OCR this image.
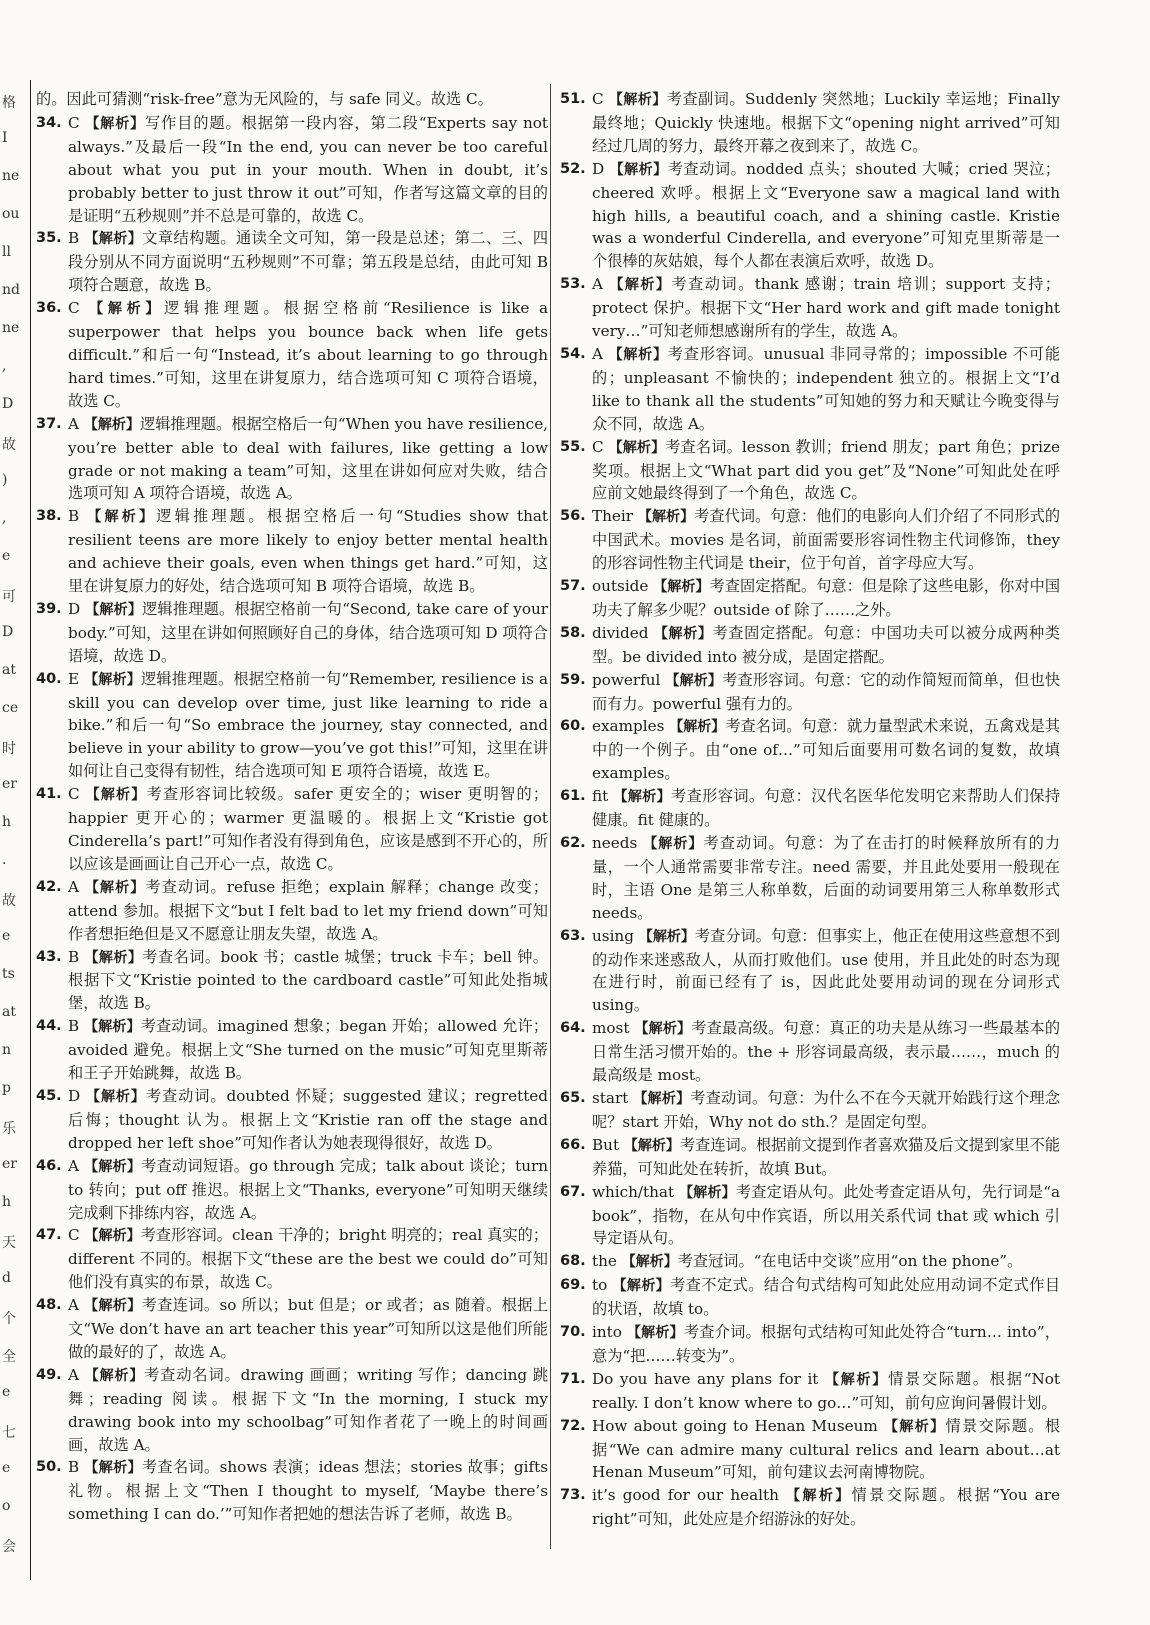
格
I
ne
ou
ll
nd
ne
,
D
故
)
,
e
可
D
at
ce
时
er
h
.
故
e
ts
at
n
p
乐
er
h
天
d
个
全
e
七
e
o
会
的。因此可猜测“risk-free”意为无风险的，与 safe 同义。故选 C。
34. C 【解析】写作目的题。根据第一段内容，第二段“Experts say not always.”及最后一段“In the end, you can never be too careful about what you put in your mouth. When in doubt, it’s probably better to just throw it out”可知，作者写这篇文章的目的是证明“五秒规则”并不总是可靠的，故选 C。
35. B 【解析】文章结构题。通读全文可知，第一段是总述；第二、三、四段分别从不同方面说明“五秒规则”不可靠；第五段是总结，由此可知 B 项符合题意，故选 B。
36. C 【解析】逻辑推理题。根据空格前“Resilience is like a superpower that helps you bounce back when life gets difficult.”和后一句“Instead, it’s about learning to go through hard times.”可知，这里在讲复原力，结合选项可知 C 项符合语境，故选 C。
37. A 【解析】逻辑推理题。根据空格后一句“When you have resilience, you’re better able to deal with failures, like getting a low grade or not making a team”可知，这里在讲如何应对失败，结合选项可知 A 项符合语境，故选 A。
38. B 【解析】逻辑推理题。根据空格后一句“Studies show that resilient teens are more likely to enjoy better mental health and achieve their goals, even when things get hard.”可知，这里在讲复原力的好处，结合选项可知 B 项符合语境，故选 B。
39. D 【解析】逻辑推理题。根据空格前一句“Second, take care of your body.”可知，这里在讲如何照顾好自己的身体，结合选项可知 D 项符合语境，故选 D。
40. E 【解析】逻辑推理题。根据空格前一句“Remember, resilience is a skill you can develop over time, just like learning to ride a bike.”和后一句“So embrace the journey, stay connected, and believe in your ability to grow—you’ve got this!”可知，这里在讲如何让自己变得有韧性，结合选项可知 E 项符合语境，故选 E。
41. C 【解析】考查形容词比较级。safer 更安全的；wiser 更明智的；happier 更开心的；warmer 更温暖的。根据上文“Kristie got Cinderella’s part!”可知作者没有得到角色，应该是感到不开心的，所以应该是画画让自己开心一点，故选 C。
42. A 【解析】考查动词。refuse 拒绝；explain 解释；change 改变；attend 参加。根据下文“but I felt bad to let my friend down”可知作者想拒绝但是又不愿意让朋友失望，故选 A。
43. B 【解析】考查名词。book 书；castle 城堡；truck 卡车；bell 钟。根据下文“Kristie pointed to the cardboard castle”可知此处指城堡，故选 B。
44. B 【解析】考查动词。imagined 想象；began 开始；allowed 允许；avoided 避免。根据上文“She turned on the music”可知克里斯蒂和王子开始跳舞，故选 B。
45. D 【解析】考查动词。doubted 怀疑；suggested 建议；regretted 后悔；thought 认为。根据上文“Kristie ran off the stage and dropped her left shoe”可知作者认为她表现得很好，故选 D。
46. A 【解析】考查动词短语。go through 完成；talk about 谈论；turn to 转向；put off 推迟。根据上文“Thanks, everyone”可知明天继续完成剩下排练内容，故选 A。
47. C 【解析】考查形容词。clean 干净的；bright 明亮的；real 真实的；different 不同的。根据下文“these are the best we could do”可知他们没有真实的布景，故选 C。
48. A 【解析】考查连词。so 所以；but 但是；or 或者；as 随着。根据上文“We don’t have an art teacher this year”可知所以这是他们所能做的最好的了，故选 A。
49. A 【解析】考查动名词。drawing 画画；writing 写作；dancing 跳舞；reading 阅读。根据下文“In the morning, I stuck my drawing book into my schoolbag”可知作者花了一晚上的时间画画，故选 A。
50. B 【解析】考查名词。shows 表演；ideas 想法；stories 故事；gifts 礼物。根据上文“Then I thought to myself, ‘Maybe there’s something I can do.’”可知作者把她的想法告诉了老师，故选 B。
51. C 【解析】考查副词。Suddenly 突然地；Luckily 幸运地；Finally 最终地；Quickly 快速地。根据下文“opening night arrived”可知经过几周的努力，最终开幕之夜到来了，故选 C。
52. D 【解析】考查动词。nodded 点头；shouted 大喊；cried 哭泣；cheered 欢呼。根据上文“Everyone saw a magical land with high hills, a beautiful coach, and a shining castle. Kristie was a wonderful Cinderella, and everyone”可知克里斯蒂是一个很棒的灰姑娘，每个人都在表演后欢呼，故选 D。
53. A 【解析】考查动词。thank 感谢；train 培训；support 支持；protect 保护。根据下文“Her hard work and gift made tonight very…”可知老师想感谢所有的学生，故选 A。
54. A 【解析】考查形容词。unusual 非同寻常的；impossible 不可能的；unpleasant 不愉快的；independent 独立的。根据上文“I’d like to thank all the students”可知她的努力和天赋让今晚变得与众不同，故选 A。
55. C 【解析】考查名词。lesson 教训；friend 朋友；part 角色；prize 奖项。根据上文“What part did you get”及“None”可知此处在呼应前文她最终得到了一个角色，故选 C。
56. Their 【解析】考查代词。句意：他们的电影向人们介绍了不同形式的中国武术。movies 是名词，前面需要形容词性物主代词修饰，they 的形容词性物主代词是 their，位于句首，首字母应大写。
57. outside 【解析】考查固定搭配。句意：但是除了这些电影，你对中国功夫了解多少呢？outside of 除了……之外。
58. divided 【解析】考查固定搭配。句意：中国功夫可以被分成两种类型。be divided into 被分成，是固定搭配。
59. powerful 【解析】考查形容词。句意：它的动作简短而简单，但也快而有力。powerful 强有力的。
60. examples 【解析】考查名词。句意：就力量型武术来说，五禽戏是其中的一个例子。由“one of…”可知后面要用可数名词的复数，故填 examples。
61. fit 【解析】考查形容词。句意：汉代名医华佗发明它来帮助人们保持健康。fit 健康的。
62. needs 【解析】考查动词。句意：为了在击打的时候释放所有的力量，一个人通常需要非常专注。need 需要，并且此处要用一般现在时，主语 One 是第三人称单数，后面的动词要用第三人称单数形式 needs。
63. using 【解析】考查分词。句意：但事实上，他正在使用这些意想不到的动作来迷惑敌人，从而打败他们。use 使用，并且此处的时态为现在进行时，前面已经有了 is，因此此处要用动词的现在分词形式 using。
64. most 【解析】考查最高级。句意：真正的功夫是从练习一些最基本的日常生活习惯开始的。the + 形容词最高级，表示最……，much 的最高级是 most。
65. start 【解析】考查动词。句意：为什么不在今天就开始践行这个理念呢？start 开始，Why not do sth.？是固定句型。
66. But 【解析】考查连词。根据前文提到作者喜欢猫及后文提到家里不能养猫，可知此处在转折，故填 But。
67. which/that 【解析】考查定语从句。此处考查定语从句，先行词是“a book”，指物，在从句中作宾语，所以用关系代词 that 或 which 引导定语从句。
68. the 【解析】考查冠词。“在电话中交谈”应用“on the phone”。
69. to 【解析】考查不定式。结合句式结构可知此处应用动词不定式作目的状语，故填 to。
70. into 【解析】考查介词。根据句式结构可知此处符合“turn… into”，意为“把……转变为”。
71. Do you have any plans for it 【解析】情景交际题。根据“Not really. I don’t know where to go…”可知，前句应询问暑假计划。
72. How about going to Henan Museum 【解析】情景交际题。根据“We can admire many cultural relics and learn about…at Henan Museum”可知，前句建议去河南博物院。
73. it’s good for our health 【解析】情景交际题。根据“You are right”可知，此处应是介绍游泳的好处。
